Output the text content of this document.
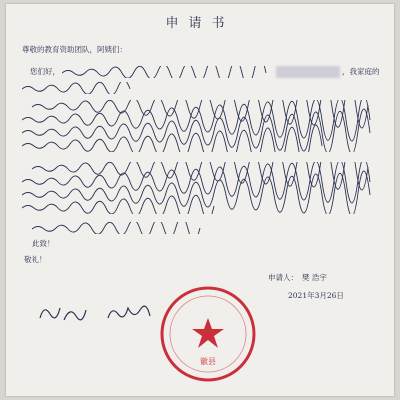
申请书
尊敬的教育资助团队，阿姨们：
您们好，	，我家庭的
此致！
敬礼！
申请人： 樊 浩宇
2021年3月26日
徽县
